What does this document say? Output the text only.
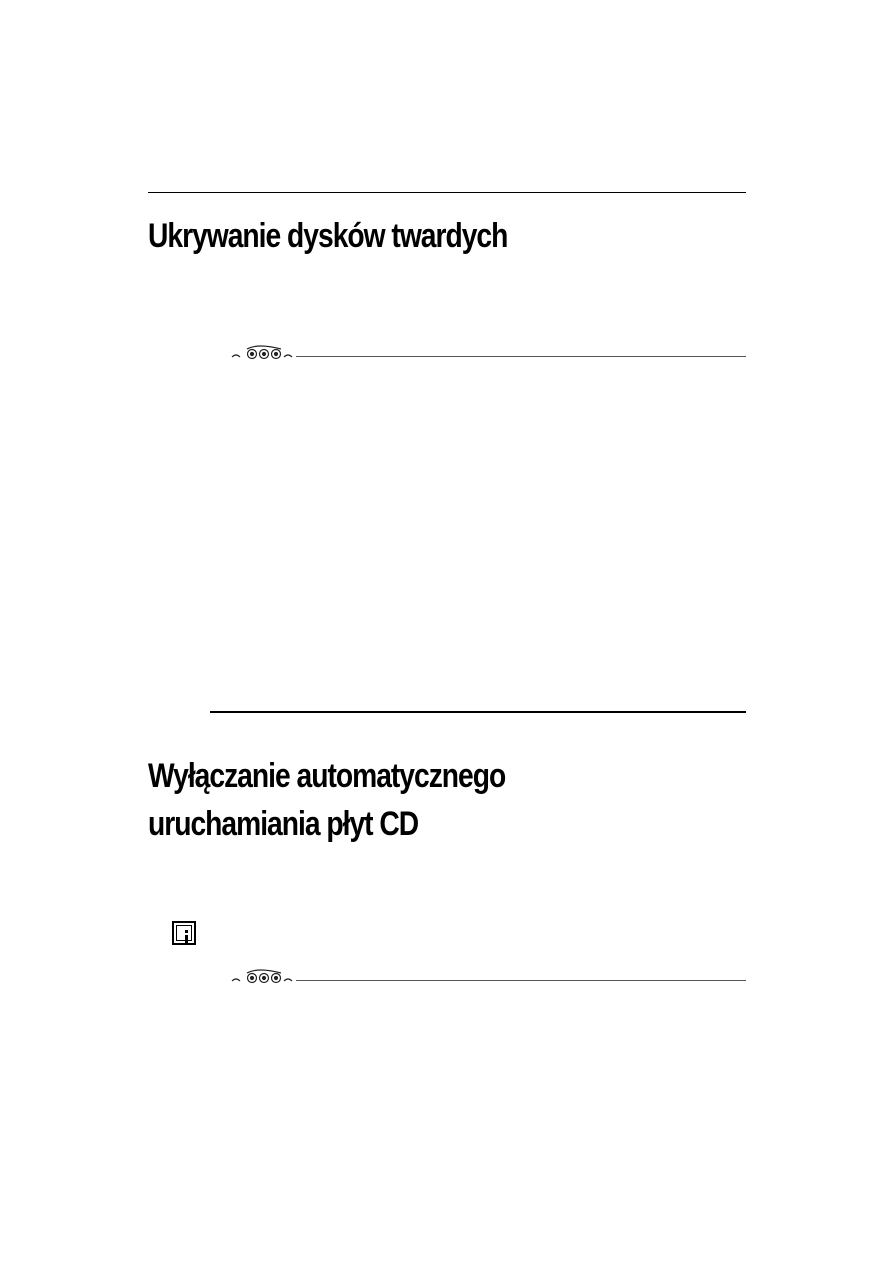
Ukrywanie dysków twardych
Wyłączanie automatycznego
uruchamiania płyt CD
